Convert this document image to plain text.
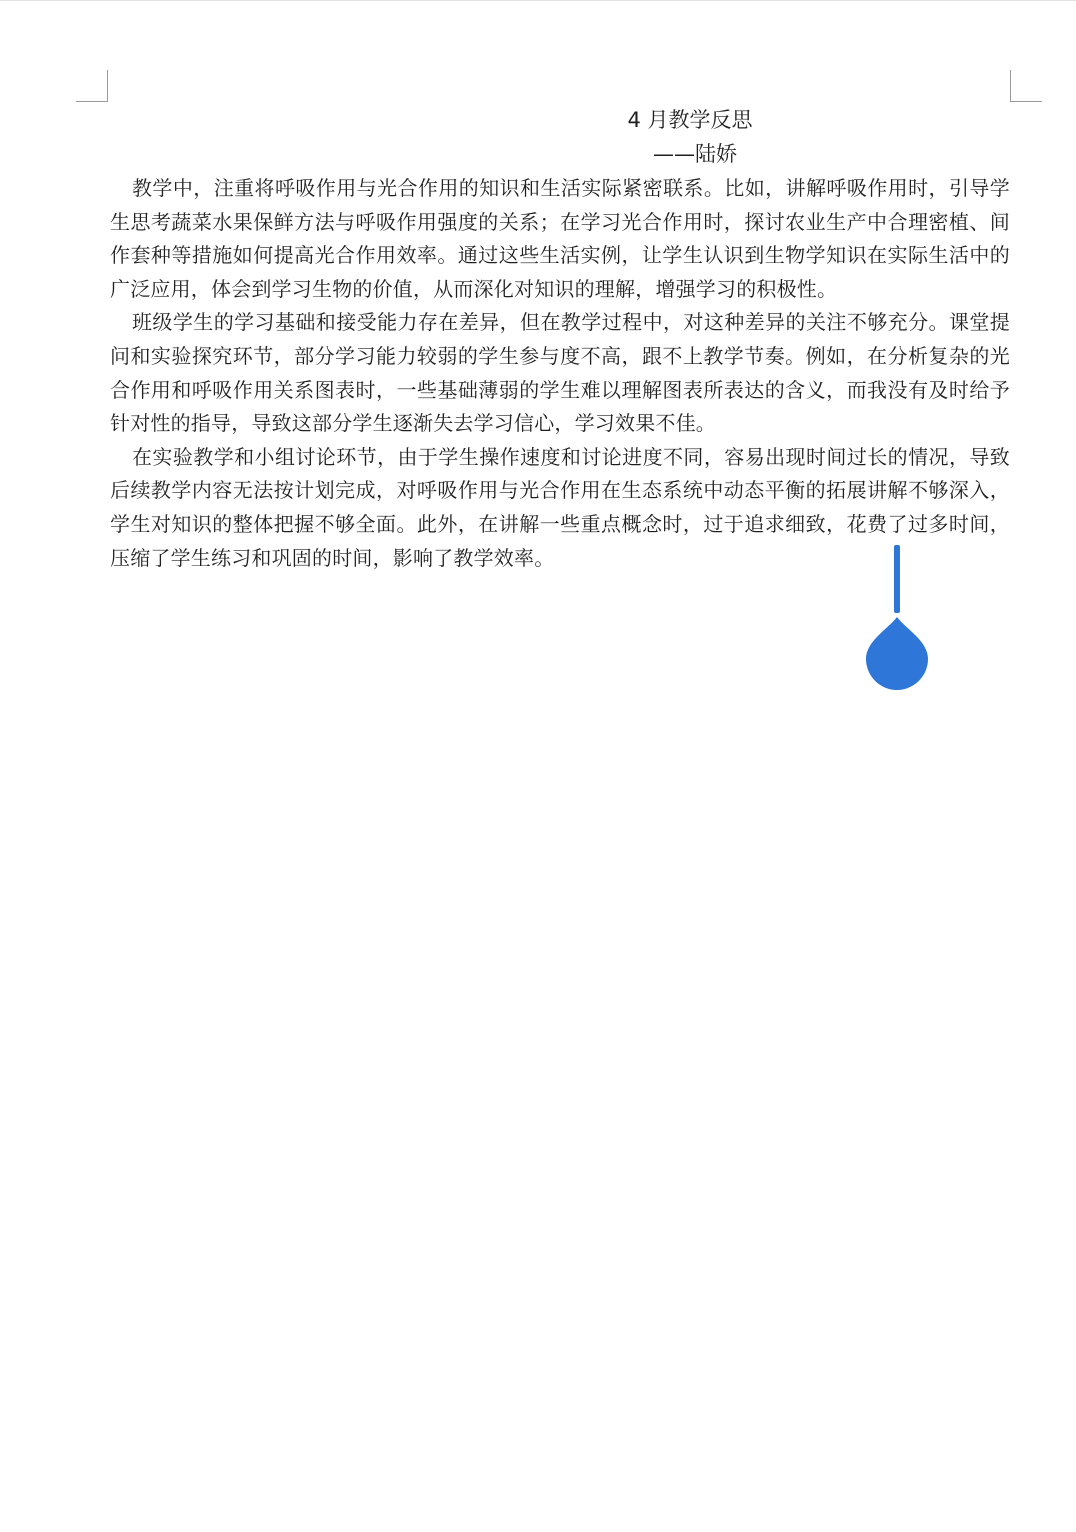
4 月教学反思
——陆娇

教学中，注重将呼吸作用与光合作用的知识和生活实际紧密联系。比如，讲解呼吸作用时，引导学生思考蔬菜水果保鲜方法与呼吸作用强度的关系；在学习光合作用时，探讨农业生产中合理密植、间作套种等措施如何提高光合作用效率。通过这些生活实例，让学生认识到生物学知识在实际生活中的广泛应用，体会到学习生物的价值，从而深化对知识的理解，增强学习的积极性。

班级学生的学习基础和接受能力存在差异，但在教学过程中，对这种差异的关注不够充分。课堂提问和实验探究环节，部分学习能力较弱的学生参与度不高，跟不上教学节奏。例如，在分析复杂的光合作用和呼吸作用关系图表时，一些基础薄弱的学生难以理解图表所表达的含义，而我没有及时给予针对性的指导，导致这部分学生逐渐失去学习信心，学习效果不佳。

在实验教学和小组讨论环节，由于学生操作速度和讨论进度不同，容易出现时间过长的情况，导致后续教学内容无法按计划完成，对呼吸作用与光合作用在生态系统中动态平衡的拓展讲解不够深入，学生对知识的整体把握不够全面。此外，在讲解一些重点概念时，过于追求细致，花费了过多时间，压缩了学生练习和巩固的时间，影响了教学效率。
